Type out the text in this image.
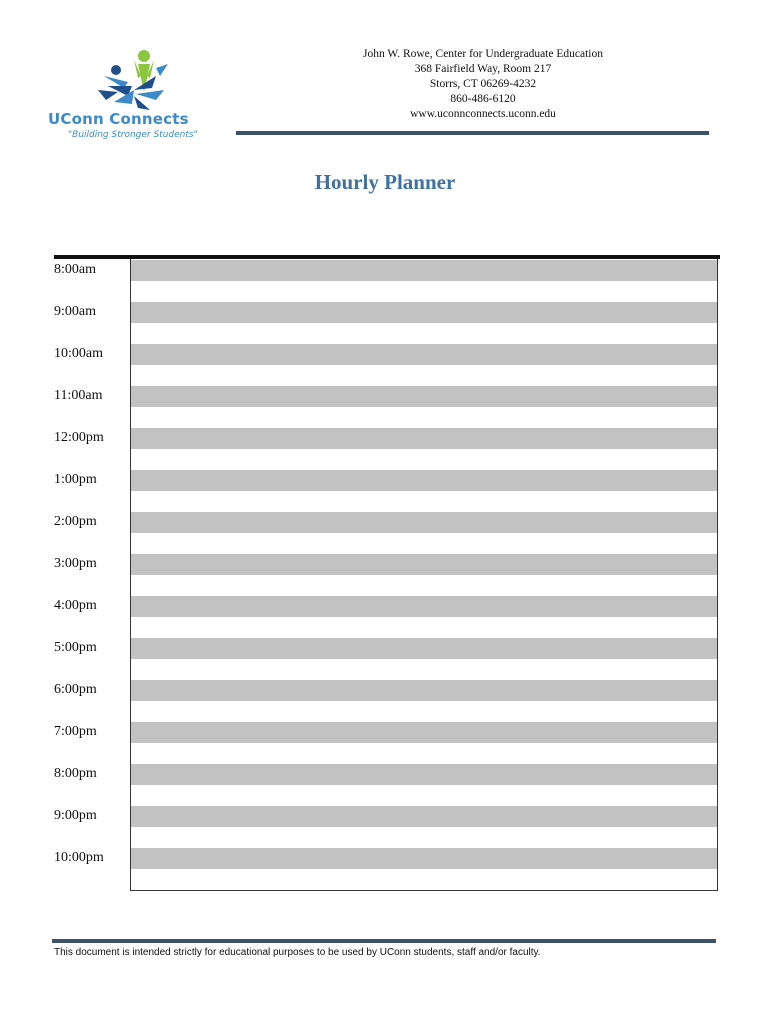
UConn Connects
"Building Stronger Students"
John W. Rowe, Center for Undergraduate Education
368 Fairfield Way, Room 217
Storrs, CT 06269-4232
860-486-6120
www.uconnconnects.uconn.edu
Hourly Planner
8:00am
9:00am
10:00am
11:00am
12:00pm
1:00pm
2:00pm
3:00pm
4:00pm
5:00pm
6:00pm
7:00pm
8:00pm
9:00pm
10:00pm
This document is intended strictly for educational purposes to be used by UConn students, staff and/or faculty.
